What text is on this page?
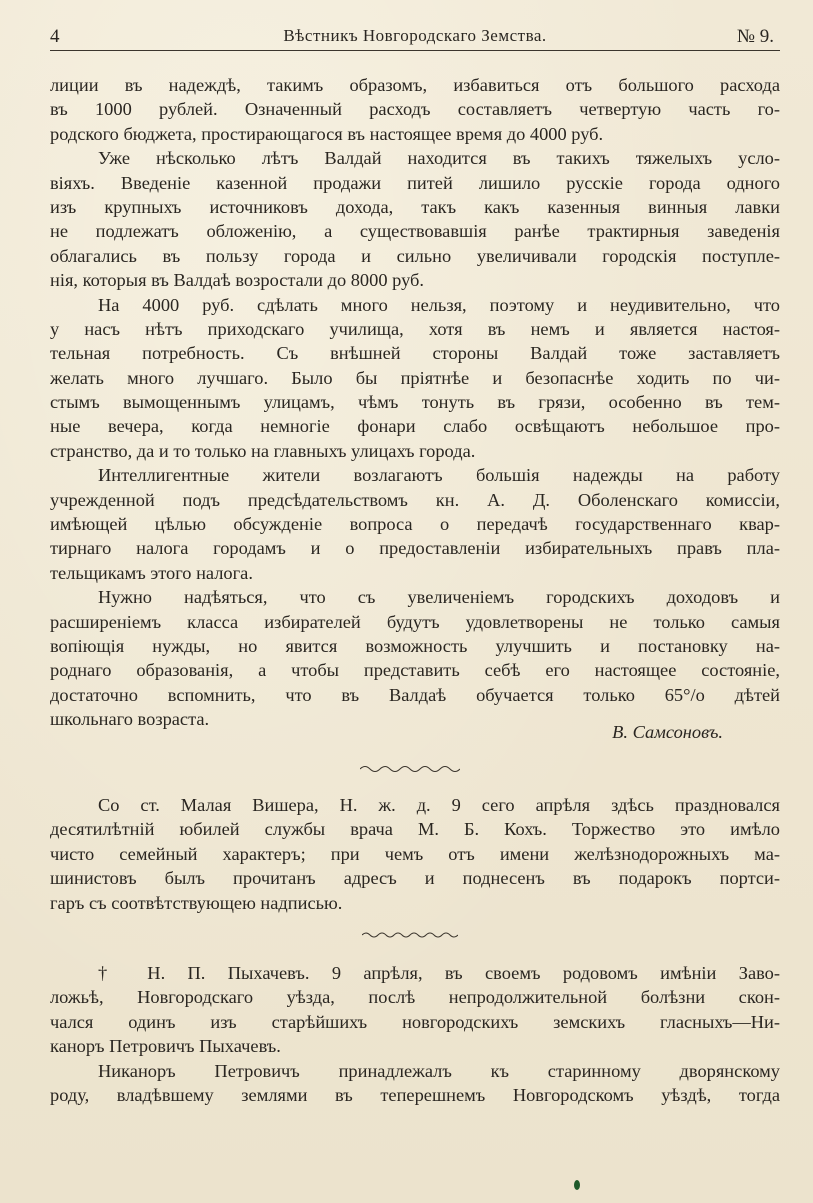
4	Вѣстникъ Новгородскаго Земства.	№ 9.
лиции въ надеждѣ, такимъ образомъ, избавиться отъ большого расхода
въ 1000 рублей. Означенный расходъ составляетъ четвертую часть го-
родского бюджета, простирающагося въ настоящее время до 4000 руб.
Уже нѣсколько лѣтъ Валдай находится въ такихъ тяжелыхъ усло-
віяхъ. Введеніе казенной продажи питей лишило русскіе города одного
изъ крупныхъ источниковъ дохода, такъ какъ казенныя винныя лавки
не подлежатъ обложенію, а существовавшія ранѣе трактирныя заведенія
облагались въ пользу города и сильно увеличивали городскія поступле-
нія, которыя въ Валдаѣ возростали до 8000 руб.
На 4000 руб. сдѣлать много нельзя, поэтому и неудивительно, что
у насъ нѣтъ приходскаго училища, хотя въ немъ и является настоя-
тельная потребность. Съ внѣшней стороны Валдай тоже заставляетъ
желать много лучшаго. Было бы пріятнѣе и безопаснѣе ходить по чи-
стымъ вымощеннымъ улицамъ, чѣмъ тонуть въ грязи, особенно въ тем-
ные вечера, когда немногіе фонари слабо освѣщаютъ небольшое про-
странство, да и то только на главныхъ улицахъ города.
Интеллигентные жители возлагаютъ большія надежды на работу
учрежденной подъ предсѣдательствомъ кн. А. Д. Оболенскаго комиссіи,
имѣющей цѣлью обсужденіе вопроса о передачѣ государственнаго квар-
тирнаго налога городамъ и о предоставленіи избирательныхъ правъ пла-
тельщикамъ этого налога.
Нужно надѣяться, что съ увеличеніемъ городскихъ доходовъ и
расширеніемъ класса избирателей будутъ удовлетворены не только самыя
вопіющія нужды, но явится возможность улучшить и постановку на-
роднаго образованія, а чтобы представить себѣ его настоящее состояніе,
достаточно вспомнить, что въ Валдаѣ обучается только 65°/о дѣтей
школьнаго возраста.
В. Самсоновъ.
Со ст. Малая Вишера, Н. ж. д. 9 сего апрѣля здѣсь праздновался
десятилѣтній юбилей службы врача М. Б. Кохъ. Торжество это имѣло
чисто семейный характеръ; при чемъ отъ имени желѣзнодорожныхъ ма-
шинистовъ былъ прочитанъ адресъ и поднесенъ въ подарокъ портси-
гаръ съ соотвѣтствующею надписью.
† Н. П. Пыхачевъ. 9 апрѣля, въ своемъ родовомъ имѣніи Заво-
ложьѣ, Новгородскаго уѣзда, послѣ непродолжительной болѣзни скон-
чался одинъ изъ старѣйшихъ новгородскихъ земскихъ гласныхъ—Ни-
каноръ Петровичъ Пыхачевъ.
Никаноръ Петровичъ принадлежалъ къ старинному дворянскому
роду, владѣвшему землями въ теперешнемъ Новгородскомъ уѣздѣ, тогда
